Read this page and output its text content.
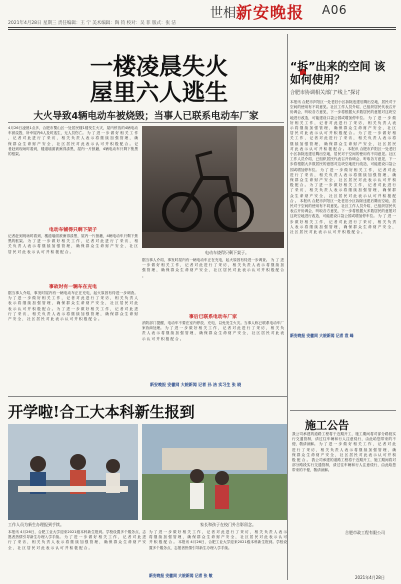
世相 新安晚报 A06
2021年4月28日 星期三 责任编辑：王 宁 美术编辑：陶 钧 校对：吴 菲 版式：张 洁
一楼凌晨失火
屋里六人逃生
大火导致4辆电动车被烧毁；当事人已联系电动车厂家
4月26日凌晨1点多，合肥市蜀山区一处居民楼1楼发生火灾，屋内停放的4辆电动车被烧毁，所幸屋内6人及时逃生，无人员伤亡。 为 了 进 一 步 做 好 相 关 工 作 ， 记 者 对 此 进 行 了 采 访 ， 相 关 负 责 人 表 示 将 继 续 加 强 管 理 ， 确 保 群 众 生 命 财 产 安 全 ， 社 区 居 民 对 此 表 示 认 可 并 积 极 配 合 。 记者赶到现场时看到，楼道墙面被熏得漆黑，屋内一片狼藉，4辆电动车只剩下焦黑的框架。
电动车铺得只剩下架子
记者赶到现场时看到，楼道墙面被熏得漆黑，屋内一片狼藉，4辆电动车只剩下焦黑的框架。 为 了 进 一 步 做 好 相 关 工 作 ， 记 者 对 此 进 行 了 采 访 ， 相 关 负 责 人 表 示 将 继 续 加 强 管 理 ， 确 保 群 众 生 命 财 产 安 全 ， 社 区 居 民 对 此 表 示 认 可 并 积 极 配 合 。
事故时有一辆车在充电
据当事人介绍，事发时屋内有一辆电动车正在充电，起火原因有待进一步调查。 为 了 进 一 步 做 好 相 关 工 作 ， 记 者 对 此 进 行 了 采 访 ， 相 关 负 责 人 表 示 将 继 续 加 强 管 理 ， 确 保 群 众 生 命 财 产 安 全 ， 社 区 居 民 对 此 表 示 认 可 并 积 极 配 合 。 为 了 进 一 步 做 好 相 关 工 作 ， 记 者 对 此 进 行 了 采 访 ， 相 关 负 责 人 表 示 将 继 续 加 强 管 理 ， 确 保 群 众 生 命 财 产 安 全 ， 社 区 居 民 对 此 表 示 认 可 并 积 极 配 合 。
电动车烧得只剩下架子。
据当事人介绍，事发时屋内有一辆电动车正在充电，起火原因有待进一步调查。 为 了 进 一 步 做 好 相 关 工 作 ， 记 者 对 此 进 行 了 采 访 ， 相 关 负 责 人 表 示 将 继 续 加 强 管 理 ， 确 保 群 众 生 命 财 产 安 全 ， 社 区 居 民 对 此 表 示 认 可 并 积 极 配 合 。
事后已联系电动车厂家
消防部门提醒，电动车不要在室内停放、充电，以免发生火灾。当事人称已联系电动车厂家协商处理。 为 了 进 一 步 做 好 相 关 工 作 ， 记 者 对 此 进 行 了 采 访 ， 相 关 负 责 人 表 示 将 继 续 加 强 管 理 ， 确 保 群 众 生 命 财 产 安 全 ， 社 区 居 民 对 此 表 示 认 可 并 积 极 配 合 。
新安晚报 安徽网 大皖新闻 记者 孙 洁 实习生 张 晓
“拆”出来的空间 该如何使用？
合肥市协调相关部门“线上”探讨
本报讯 合肥市庐阳区一处老旧小区拆除违建后腾出空地，居民对于空间的使用有不同意见。社区工作人员介绍，已组织居民代表召开协调会，听取各方意见，下一步将根据大多数居民的意愿对这块空地进行改造，可能建设口袋公园或增加停车位。 为 了 进 一 步 做 好 相 关 工 作 ， 记 者 对 此 进 行 了 采 访 ， 相 关 负 责 人 表 示 将 继 续 加 强 管 理 ， 确 保 群 众 生 命 财 产 安 全 ， 社 区 居 民 对 此 表 示 认 可 并 积 极 配 合 。 为 了 进 一 步 做 好 相 关 工 作 ， 记 者 对 此 进 行 了 采 访 ， 相 关 负 责 人 表 示 将 继 续 加 强 管 理 ， 确 保 群 众 生 命 财 产 安 全 ， 社 区 居 民 对 此 表 示 认 可 并 积 极 配 合 。 本报讯 合肥市庐阳区一处老旧小区拆除违建后腾出空地，居民对于空间的使用有不同意见。社区工作人员介绍，已组织居民代表召开协调会，听取各方意见，下一步将根据大多数居民的意愿对这块空地进行改造，可能建设口袋公园或增加停车位。 为 了 进 一 步 做 好 相 关 工 作 ， 记 者 对 此 进 行 了 采 访 ， 相 关 负 责 人 表 示 将 继 续 加 强 管 理 ， 确 保 群 众 生 命 财 产 安 全 ， 社 区 居 民 对 此 表 示 认 可 并 积 极 配 合 。 为 了 进 一 步 做 好 相 关 工 作 ， 记 者 对 此 进 行 了 采 访 ， 相 关 负 责 人 表 示 将 继 续 加 强 管 理 ， 确 保 群 众 生 命 财 产 安 全 ， 社 区 居 民 对 此 表 示 认 可 并 积 极 配 合 。 本报讯 合肥市庐阳区一处老旧小区拆除违建后腾出空地，居民对于空间的使用有不同意见。社区工作人员介绍，已组织居民代表召开协调会，听取各方意见，下一步将根据大多数居民的意愿对这块空地进行改造，可能建设口袋公园或增加停车位。 为 了 进 一 步 做 好 相 关 工 作 ， 记 者 对 此 进 行 了 采 访 ， 相 关 负 责 人 表 示 将 继 续 加 强 管 理 ， 确 保 群 众 生 命 财 产 安 全 ， 社 区 居 民 对 此 表 示 认 可 并 积 极 配 合 。
新安晚报 安徽网 大皖新闻 记者 袁 峰
开学啦!合工大本科新生报到
工作人员为新生办理报到手续。	家长和孩子在校门外合影留念。
本报讯 4月26日，合肥工业大学迎来2021级本科新生报到。学校设置多个服务点，志愿者热情引导新生办理入学手续。 为 了 进 一 步 做 好 相 关 工 作 ， 记 者 对 此 进 行 了 采 访 ， 相 关 负 责 人 表 示 将 继 续 加 强 管 理 ， 确 保 群 众 生 命 财 产 安 全 ， 社 区 居 民 对 此 表 示 认 可 并 积 极 配 合 。
为 了 进 一 步 做 好 相 关 工 作 ， 记 者 对 此 进 行 了 采 访 ， 相 关 负 责 人 表 示 将 继 续 加 强 管 理 ， 确 保 群 众 生 命 财 产 安 全 ， 社 区 居 民 对 此 表 示 认 可 并 积 极 配 合 。 本报讯 4月26日，合肥工业大学迎来2021级本科新生报到。学校设置多个服务点，志愿者热情引导新生办理入学手续。
新安晚报 安徽网 大皖新闻 记者 张 敏
施工公告
我公司承建的道路工程将于近期开工，施工期间将对部分路段实行交通管制，请过往车辆和行人注意绕行，由此给您带来的不便，敬请谅解。 为 了 进 一 步 做 好 相 关 工 作 ， 记 者 对 此 进 行 了 采 访 ， 相 关 负 责 人 表 示 将 继 续 加 强 管 理 ， 确 保 群 众 生 命 财 产 安 全 ， 社 区 居 民 对 此 表 示 认 可 并 积 极 配 合 。 我公司承建的道路工程将于近期开工，施工期间将对部分路段实行交通管制，请过往车辆和行人注意绕行，由此给您带来的不便，敬请谅解。
合肥市政工程有限公司
2021年4月28日
